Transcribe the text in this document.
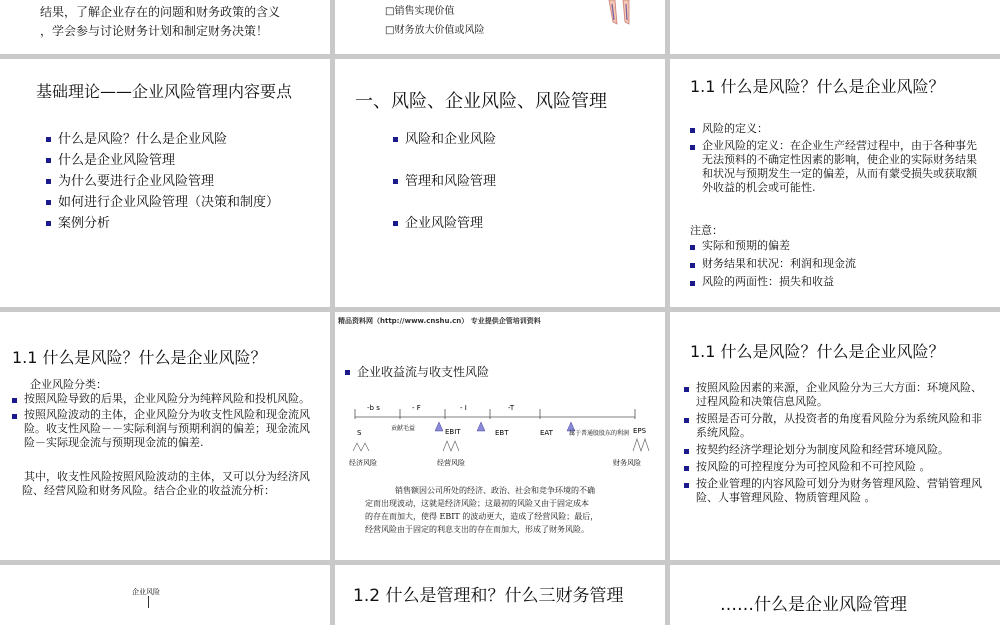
结果，了解企业存在的问题和财务政策的含义
，学会参与讨论财务计划和制定财务决策！
□销售实现价值
□财务放大价值或风险
基础理论——企业风险管理内容要点
什么是风险？什么是企业风险
什么是企业风险管理
为什么要进行企业风险管理
如何进行企业风险管理（决策和制度）
案例分析
一、风险、企业风险、风险管理
风险和企业风险
管理和风险管理
企业风险管理
1.1 什么是风险？什么是企业风险？
风险的定义：
企业风险的定义：在企业生产经营过程中，由于各种事先无法预料的不确定性因素的影响，使企业的实际财务结果和状况与预期发生一定的偏差，从而有蒙受损失或获取额外收益的机会或可能性.
注意：
实际和预期的偏差
财务结果和状况：利润和现金流
风险的两面性：损失和收益
1.1 什么是风险？什么是企业风险？
企业风险分类：
按照风险导致的后果，企业风险分为纯粹风险和投机风险。
按照风险波动的主体，企业风险分为收支性风险和现金流风险。收支性风险－－实际利润与预期利润的偏差；现金流风险－实际现金流与预期现金流的偏差.
其中，收支性风险按照风险波动的主体，又可以分为经济风险、经营风险和财务风险。结合企业的收益流分析：
精品资料网（http://www.cnshu.cn） 专业提供企管培训资料
企业收益流与收支性风险
-b s	- F	- I	-T
S	EBIT	EBT	EAT	EPS
贡献毛益
属于普通股股东的利润
经济风险	经营风险	财务风险
销售额因公司所处的经济、政治、社会和竞争环境的不确
定而出现波动，这就是经济风险；这最初的风险又由于固定成本
的存在而加大，使得 EBIT 的波动更大，造成了经营风险；最后，
经营风险由于固定的利息支出的存在而加大，形成了财务风险。
1.1 什么是风险？什么是企业风险？
按照风险因素的来源，企业风险分为三大方面：环境风险、过程风险和决策信息风险。
按照是否可分散，从投资者的角度看风险分为系统风险和非系统风险。
按契约经济学理论划分为制度风险和经营环境风险。
按风险的可控程度分为可控风险和不可控风险 。
按企业管理的内容风险可划分为财务管理风险、营销管理风险、人事管理风险、物质管理风险 。
企业风险	1.2 什么是管理和？什么三财务管理	……什么是企业风险管理
